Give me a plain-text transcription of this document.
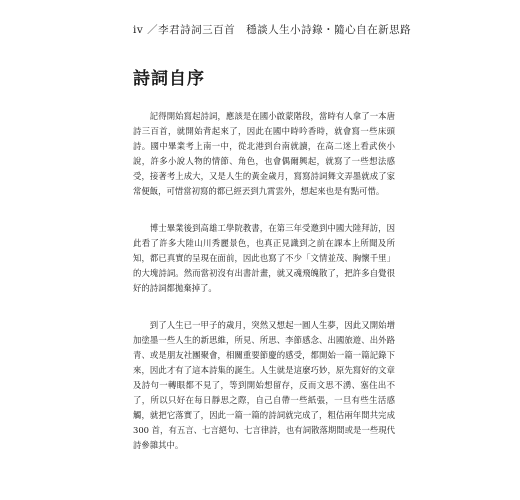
iv ／李君詩詞三百首　穩談人生小詩錄・隨心自在新思路
詩詞自序

記得開始寫起詩詞，應該是在國小啟蒙階段，當時有人拿了一本唐詩三百首，就開始背起來了，因此在國中時吟香時，就會寫一些床頭詩。國中畢業考上南一中，從北港到台南就讀，在高二迷上看武俠小說，許多小說人物的情節、角色，也會偶爾興起，就寫了一些想法感受，接著考上成大，又是人生的黃金歲月，寫寫詩詞舞文弄墨就成了家常便飯，可惜當初寫的都已經丟到九霄雲外，想起來也是有點可惜。

博士畢業後到高雄工學院教書，在第三年受邀到中國大陸拜訪，因此看了許多大陸山川秀麗景色，也真正見識到之前在課本上所聞及所知，都已真實的呈現在面前，因此也寫了不少「文情並茂、胸懷千里」的大塊詩詞。然而當初沒有出書計畫，就又魂飛魄散了，把許多自覺很好的詩詞都拋棄掉了。

到了人生已一甲子的歲月，突然又想起一圓人生夢，因此又開始增加塗墨一些人生的新思維，所見、所思、李節感念、出國旅遊、出外路青、或是朋友社團聚會，相關重要節慶的感受，都開始一篇一篇記錄下來，因此才有了這本詩集的誕生。人生就是這麼巧妙，原先寫好的文章及詩句一轉眼都不見了，等到開始想留存，反而文思不湧、塞住出不了，所以只好在每日靜思之際，自己自帶一些紙張，一旦有些生活感觸，就把它落實了，因此一篇一篇的詩詞就完成了，粗估兩年間共完成 300 首，有五言、七言絕句、七言律詩，也有詞散落期間或是一些現代詩參雜其中。
